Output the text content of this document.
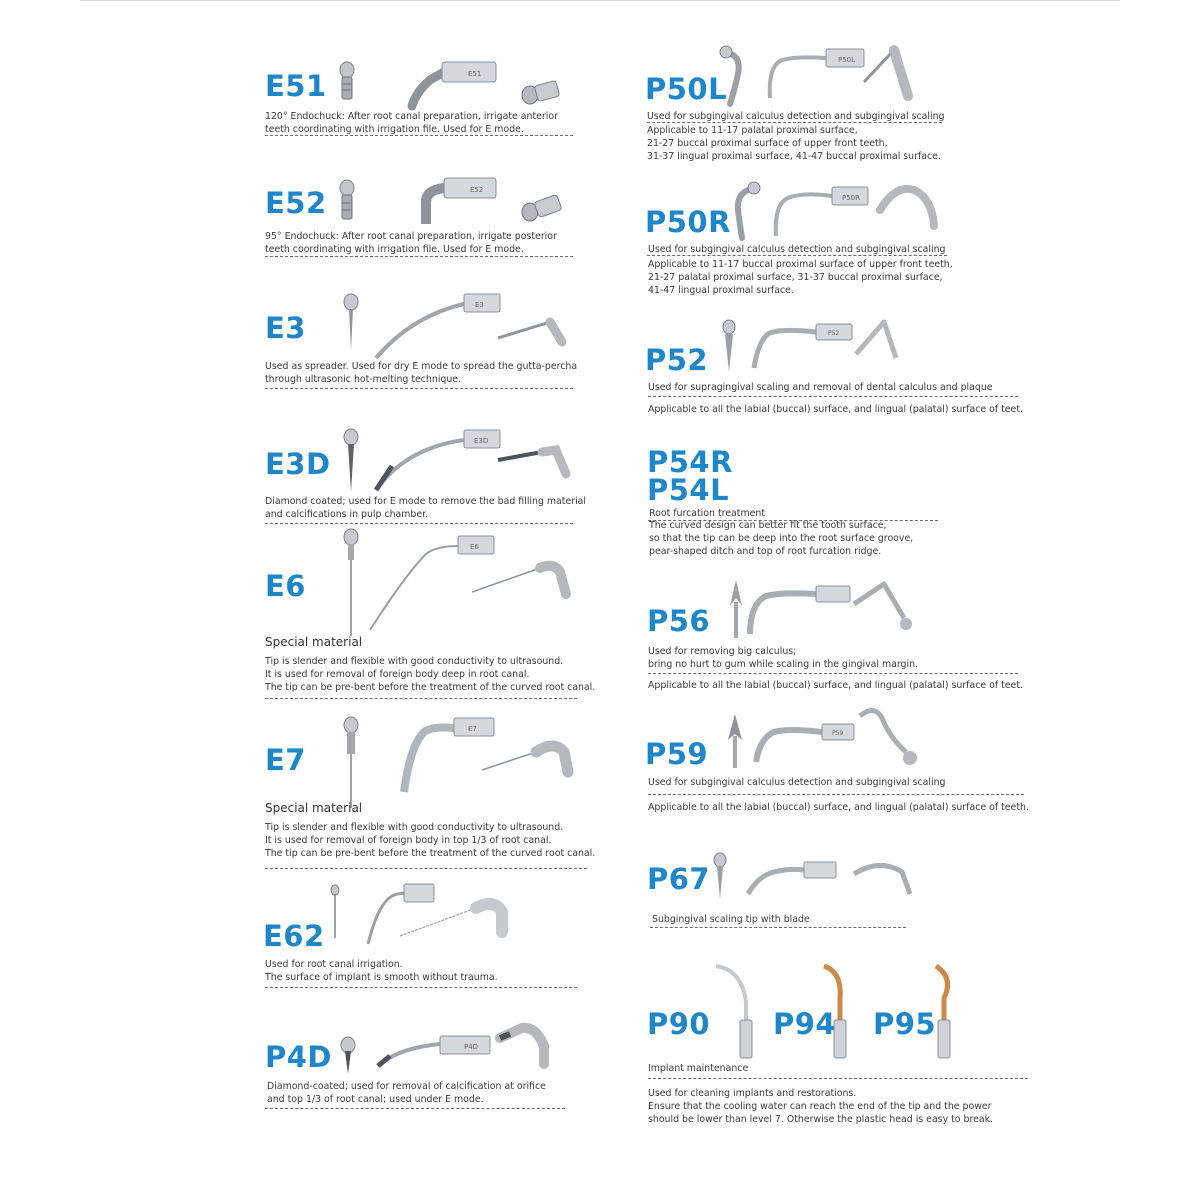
E51	E51
120° Endochuck: After root canal preparation, irrigate anterior
teeth coordinating with irrigation file. Used for E mode.
E52	E52
95° Endochuck: After root canal preparation, irrigate posterior
teeth coordinating with irrigation file. Used for E mode.
E3
E3
Used as spreader. Used for dry E mode to spread the gutta-percha
through ultrasonic hot-melting technique.
E3D
E3D
Diamond coated; used for E mode to remove the bad filling material
and calcifications in pulp chamber.
E6
E6
Special material
Tip is slender and flexible with good conductivity to ultrasound.
It is used for removal of foreign body deep in root canal.
The tip can be pre-bent before the treatment of the curved root canal.
E7
E7
Special material
Tip is slender and flexible with good conductivity to ultrasound.
It is used for removal of foreign body in top 1/3 of root canal.
The tip can be pre-bent before the treatment of the curved root canal.
E62
Used for root canal irrigation.
The surface of implant is smooth without trauma.
P4D	P4D
Diamond-coated; used for removal of calcification at orifice
and top 1/3 of root canal; used under E mode.
P50L
P50L
Used for subgingival calculus detection and subgingival scaling
Applicable to 11-17 palatal proximal surface,
21-27 buccal proximal surface of upper front teeth,
31-37 lingual proximal surface, 41-47 buccal proximal surface.
P50R
P50R
Used for subgingival calculus detection and subgingival scaling
Applicable to 11-17 buccal proximal surface of upper front teeth,
21-27 palatal proximal surface, 31-37 buccal proximal surface,
41-47 lingual proximal surface.
P52
P52
Used for supragingival scaling and removal of dental calculus and plaque
Applicable to all the labial (buccal) surface, and lingual (palatal) surface of teet.
P54R
P54L
Root furcation treatment
The curved design can better fit the tooth surface,
so that the tip can be deep into the root surface groove,
pear-shaped ditch and top of root furcation ridge.
P56
Used for removing big calculus;
bring no hurt to gum while scaling in the gingival margin.
Applicable to all the labial (buccal) surface, and lingual (palatal) surface of teet.
P59
P59
Used for subgingival calculus detection and subgingival scaling
Applicable to all the labial (buccal) surface, and lingual (palatal) surface of teeth.
P67
Subgingival scaling tip with blade
P90 P94 P95
Implant maintenance
Used for cleaning implants and restorations.
Ensure that the cooling water can reach the end of the tip and the power
should be lower than level 7. Otherwise the plastic head is easy to break.
